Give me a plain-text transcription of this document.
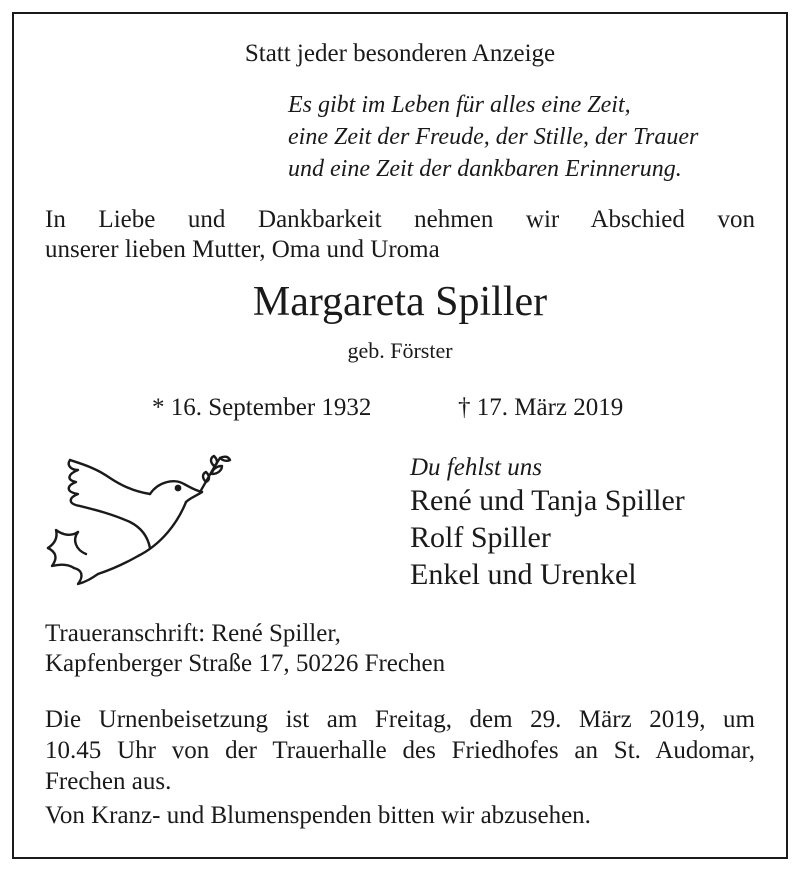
Statt jeder besonderen Anzeige
Es gibt im Leben für alles eine Zeit,
eine Zeit der Freude, der Stille, der Trauer
und eine Zeit der dankbaren Erinnerung.
In Liebe und Dankbarkeit nehmen wir Abschied von
unserer lieben Mutter, Oma und Uroma
Margareta Spiller
geb. Förster
* 16. September 1932	† 17. März 2019
Du fehlst uns
René und Tanja Spiller
Rolf Spiller
Enkel und Urenkel
Traueranschrift: René Spiller,
Kapfenberger Straße 17, 50226 Frechen
Die Urnenbeisetzung ist am Freitag, dem 29. März 2019, um
10.45 Uhr von der Trauerhalle des Friedhofes an St. Audomar,
Frechen aus.
Von Kranz- und Blumenspenden bitten wir abzusehen.
